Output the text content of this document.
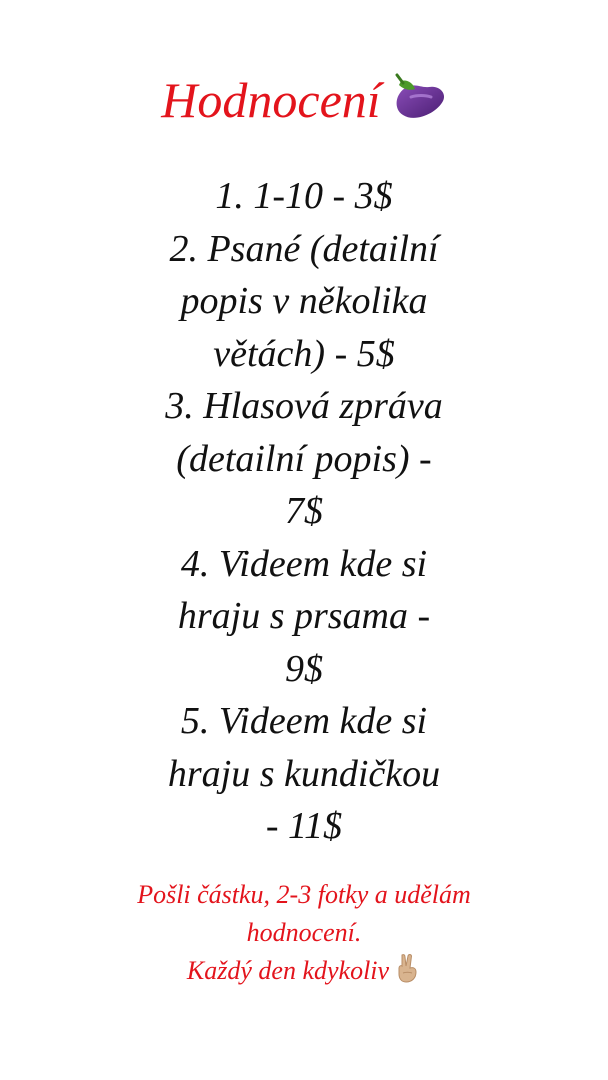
Hodnocení
1. 1-10 - 3$
2. Psané (detailní
popis v několika
větách) - 5$
3. Hlasová zpráva
(detailní popis) -
7$
4. Videem kde si
hraju s prsama -
9$
5. Videem kde si
hraju s kundičkou
- 11$
Pošli částku, 2-3 fotky a udělám
hodnocení.
Každý den kdykoliv
